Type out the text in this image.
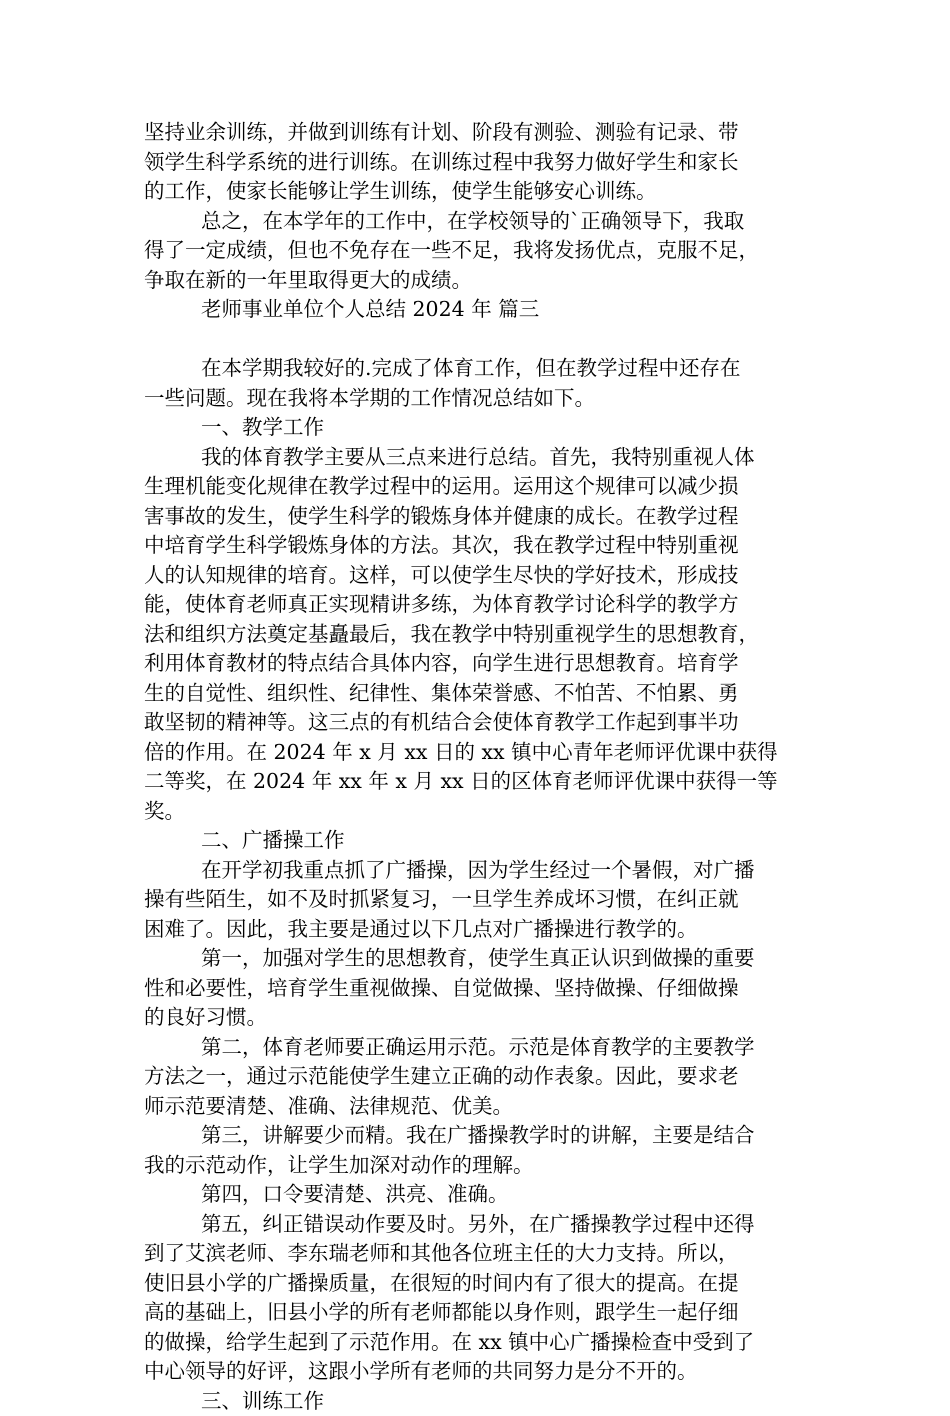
坚持业余训练，并做到训练有计划、阶段有测验、测验有记录、带
领学生科学系统的进行训练。在训练过程中我努力做好学生和家长
的工作，使家长能够让学生训练，使学生能够安心训练。
总之，在本学年的工作中，在学校领导的`正确领导下，我取
得了一定成绩，但也不免存在一些不足，我将发扬优点，克服不足，
争取在新的一年里取得更大的成绩。
老师事业单位个人总结 2024 年 篇三
在本学期我较好的.完成了体育工作，但在教学过程中还存在
一些问题。现在我将本学期的工作情况总结如下。
一、教学工作
我的体育教学主要从三点来进行总结。首先，我特别重视人体
生理机能变化规律在教学过程中的运用。运用这个规律可以减少损
害事故的发生，使学生科学的锻炼身体并健康的成长。在教学过程
中培育学生科学锻炼身体的方法。其次，我在教学过程中特别重视
人的认知规律的培育。这样，可以使学生尽快的学好技术，形成技
能，使体育老师真正实现精讲多练，为体育教学讨论科学的教学方
法和组织方法奠定基矗最后，我在教学中特别重视学生的思想教育，
利用体育教材的特点结合具体内容，向学生进行思想教育。培育学
生的自觉性、组织性、纪律性、集体荣誉感、不怕苦、不怕累、勇
敢坚韧的精神等。这三点的有机结合会使体育教学工作起到事半功
倍的作用。在 2024 年 x 月 xx 日的 xx 镇中心青年老师评优课中获得
二等奖，在 2024 年 xx 年 x 月 xx 日的区体育老师评优课中获得一等
奖。
二、广播操工作
在开学初我重点抓了广播操，因为学生经过一个暑假，对广播
操有些陌生，如不及时抓紧复习，一旦学生养成坏习惯，在纠正就
困难了。因此，我主要是通过以下几点对广播操进行教学的。
第一，加强对学生的思想教育，使学生真正认识到做操的重要
性和必要性，培育学生重视做操、自觉做操、坚持做操、仔细做操
的良好习惯。
第二，体育老师要正确运用示范。示范是体育教学的主要教学
方法之一，通过示范能使学生建立正确的动作表象。因此，要求老
师示范要清楚、准确、法律规范、优美。
第三，讲解要少而精。我在广播操教学时的讲解，主要是结合
我的示范动作，让学生加深对动作的理解。
第四，口令要清楚、洪亮、准确。
第五，纠正错误动作要及时。另外，在广播操教学过程中还得
到了艾滨老师、李东瑞老师和其他各位班主任的大力支持。所以，
使旧县小学的广播操质量，在很短的时间内有了很大的提高。在提
高的基础上，旧县小学的所有老师都能以身作则，跟学生一起仔细
的做操，给学生起到了示范作用。在 xx 镇中心广播操检查中受到了
中心领导的好评，这跟小学所有老师的共同努力是分不开的。
三、训练工作
